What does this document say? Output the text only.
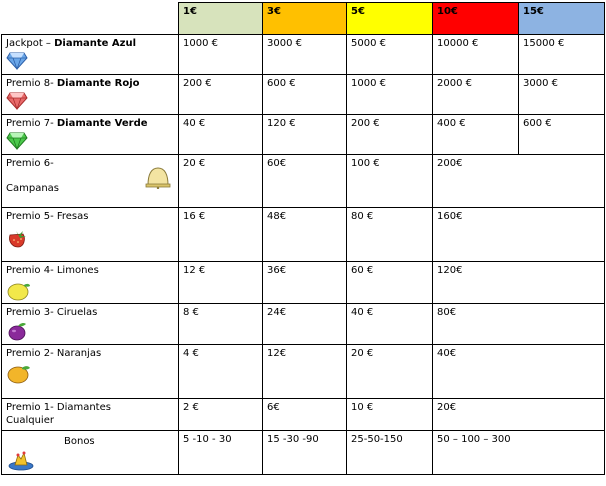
	1€	3€	5€	10€	15€

Jackpot – Diamante Azul	1000 €	3000 €	5000 €	10000 €	15000 €

Premio 8- Diamante Rojo	200 €	600 €	1000 €	2000 €	3000 €

Premio 7- Diamante Verde	40 €	120 €	200 €	400 €	600 €

Premio 6-
Campanas	20 €	60€	100 €	200€	

Premio 5- Fresas	16 €	48€	80 €	160€	

Premio 4- Limones	12 €	36€	60 €	120€	

Premio 3- Ciruelas	8 €	24€	40 €	80€	

Premio 2- Naranjas	4 €	12€	20 €	40€	

Premio 1- Diamantes
Cualquier	2 €	6€	10 €	20€	

Bonos	5 -10 - 30	15 -30 -90	25-50-150	50 – 100 – 300	
